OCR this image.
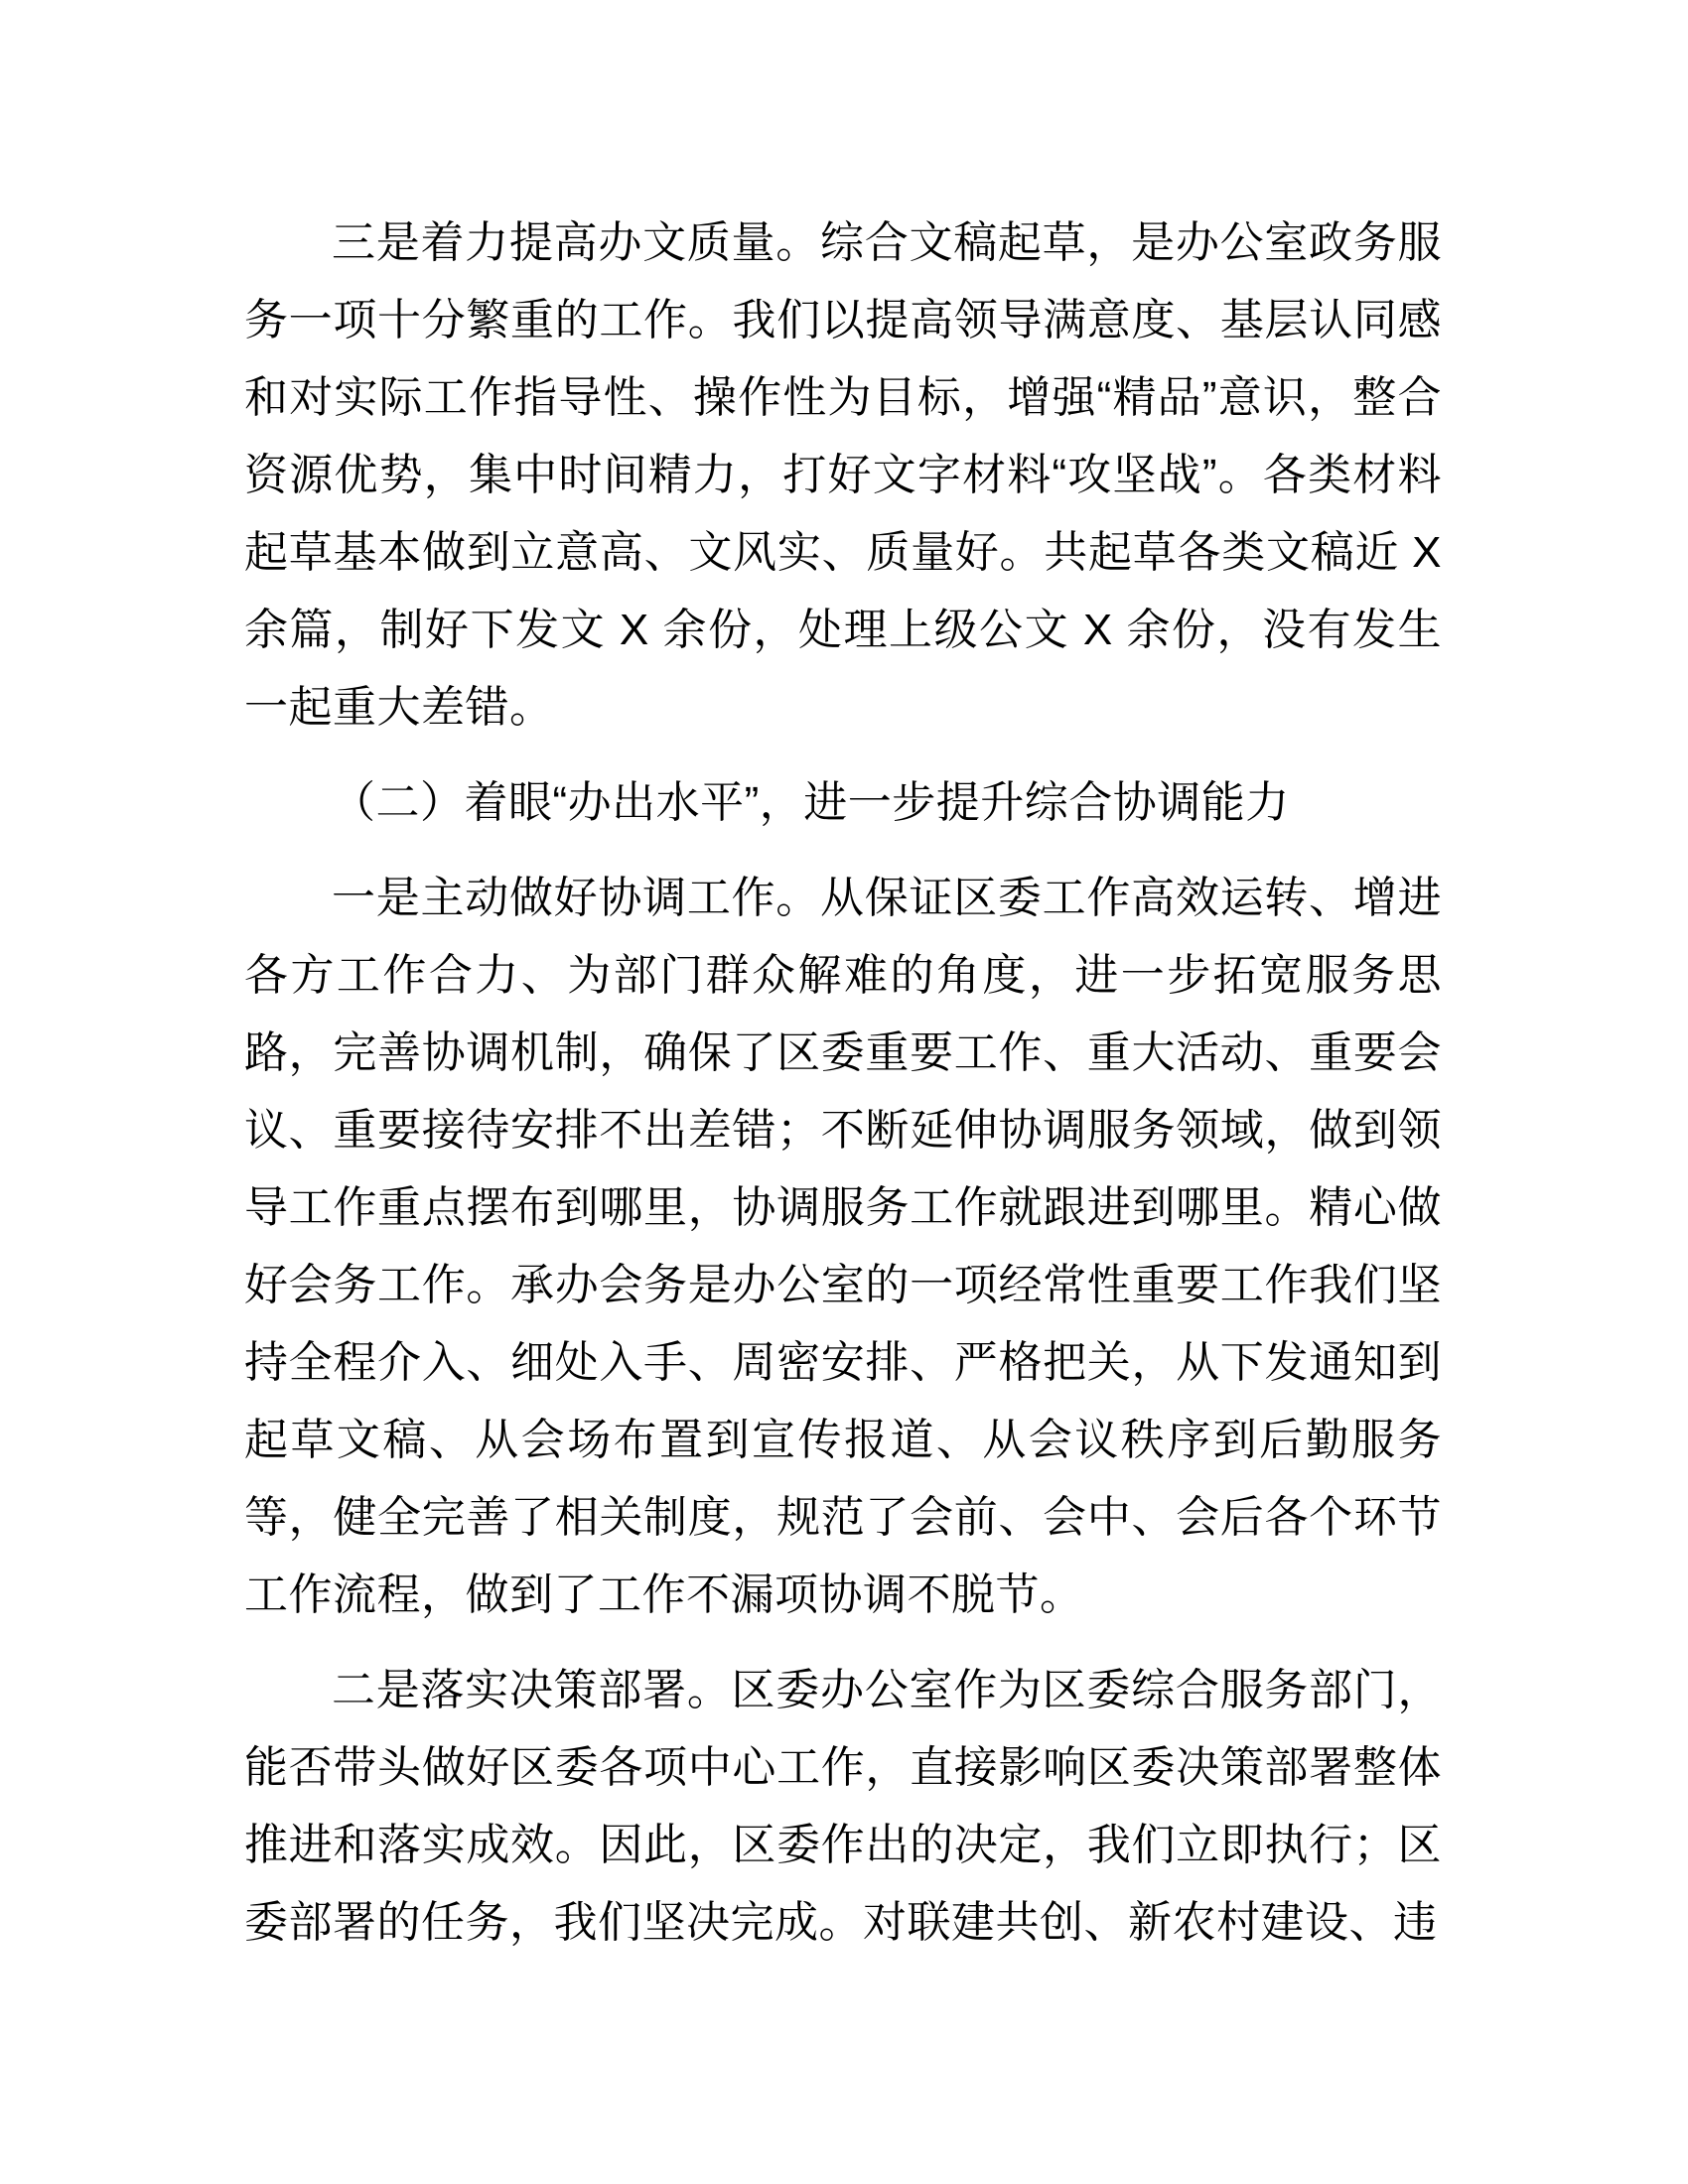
三是着力提高办文质量。综合文稿起草，是办公室政务服务一项十分繁重的工作。我们以提高领导满意度、基层认同感和对实际工作指导性、操作性为目标，增强“精品”意识，整合资源优势，集中时间精力，打好文字材料“攻坚战”。各类材料起草基本做到立意高、文风实、质量好。共起草各类文稿近 X 余篇，制好下发文 X 余份，处理上级公文 X 余份，没有发生一起重大差错。

（二）着眼“办出水平”，进一步提升综合协调能力

一是主动做好协调工作。从保证区委工作高效运转、增进各方工作合力、为部门群众解难的角度，进一步拓宽服务思路，完善协调机制，确保了区委重要工作、重大活动、重要会议、重要接待安排不出差错；不断延伸协调服务领域，做到领导工作重点摆布到哪里，协调服务工作就跟进到哪里。精心做好会务工作。承办会务是办公室的一项经常性重要工作我们坚持全程介入、细处入手、周密安排、严格把关，从下发通知到起草文稿、从会场布置到宣传报道、从会议秩序到后勤服务等，健全完善了相关制度，规范了会前、会中、会后各个环节工作流程，做到了工作不漏项协调不脱节。

二是落实决策部署。区委办公室作为区委综合服务部门，能否带头做好区委各项中心工作，直接影响区委决策部署整体推进和落实成效。因此，区委作出的决定，我们立即执行；区委部署的任务，我们坚决完成。对联建共创、新农村建设、违
